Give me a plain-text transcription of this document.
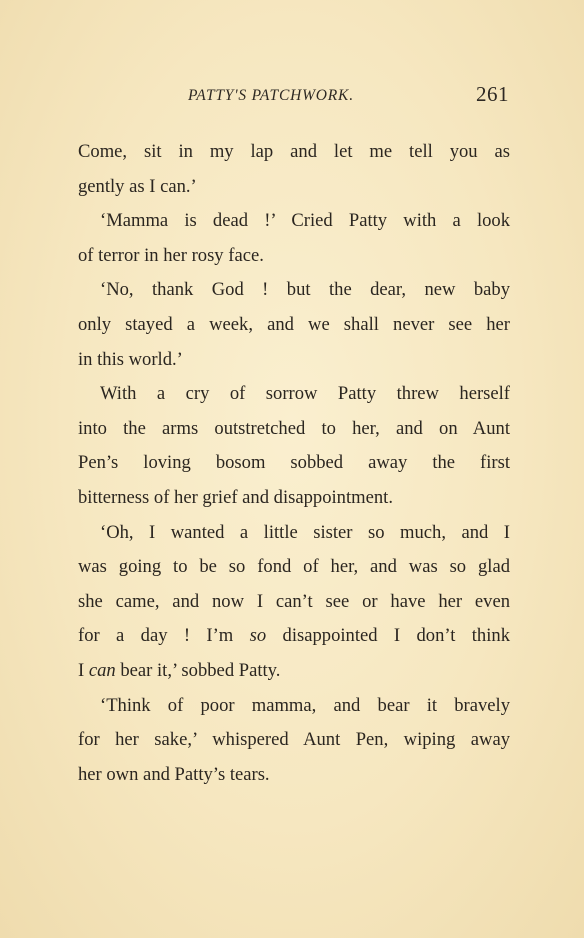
PATTY'S PATCHWORK.	261
Come, sit in my lap and let me tell you as
gently as I can.’
‘Mamma is dead !’ Cried Patty with a look
of terror in her rosy face.
‘No, thank God ! but the dear, new baby
only stayed a week, and we shall never see her
in this world.’
With a cry of sorrow Patty threw herself
into the arms outstretched to her, and on Aunt
Pen’s loving bosom sobbed away the first
bitterness of her grief and disappointment.
‘Oh, I wanted a little sister so much, and I
was going to be so fond of her, and was so glad
she came, and now I can’t see or have her even
for a day ! I’m so disappointed I don’t think
I can bear it,’ sobbed Patty.
‘Think of poor mamma, and bear it bravely
for her sake,’ whispered Aunt Pen, wiping away
her own and Patty’s tears.
